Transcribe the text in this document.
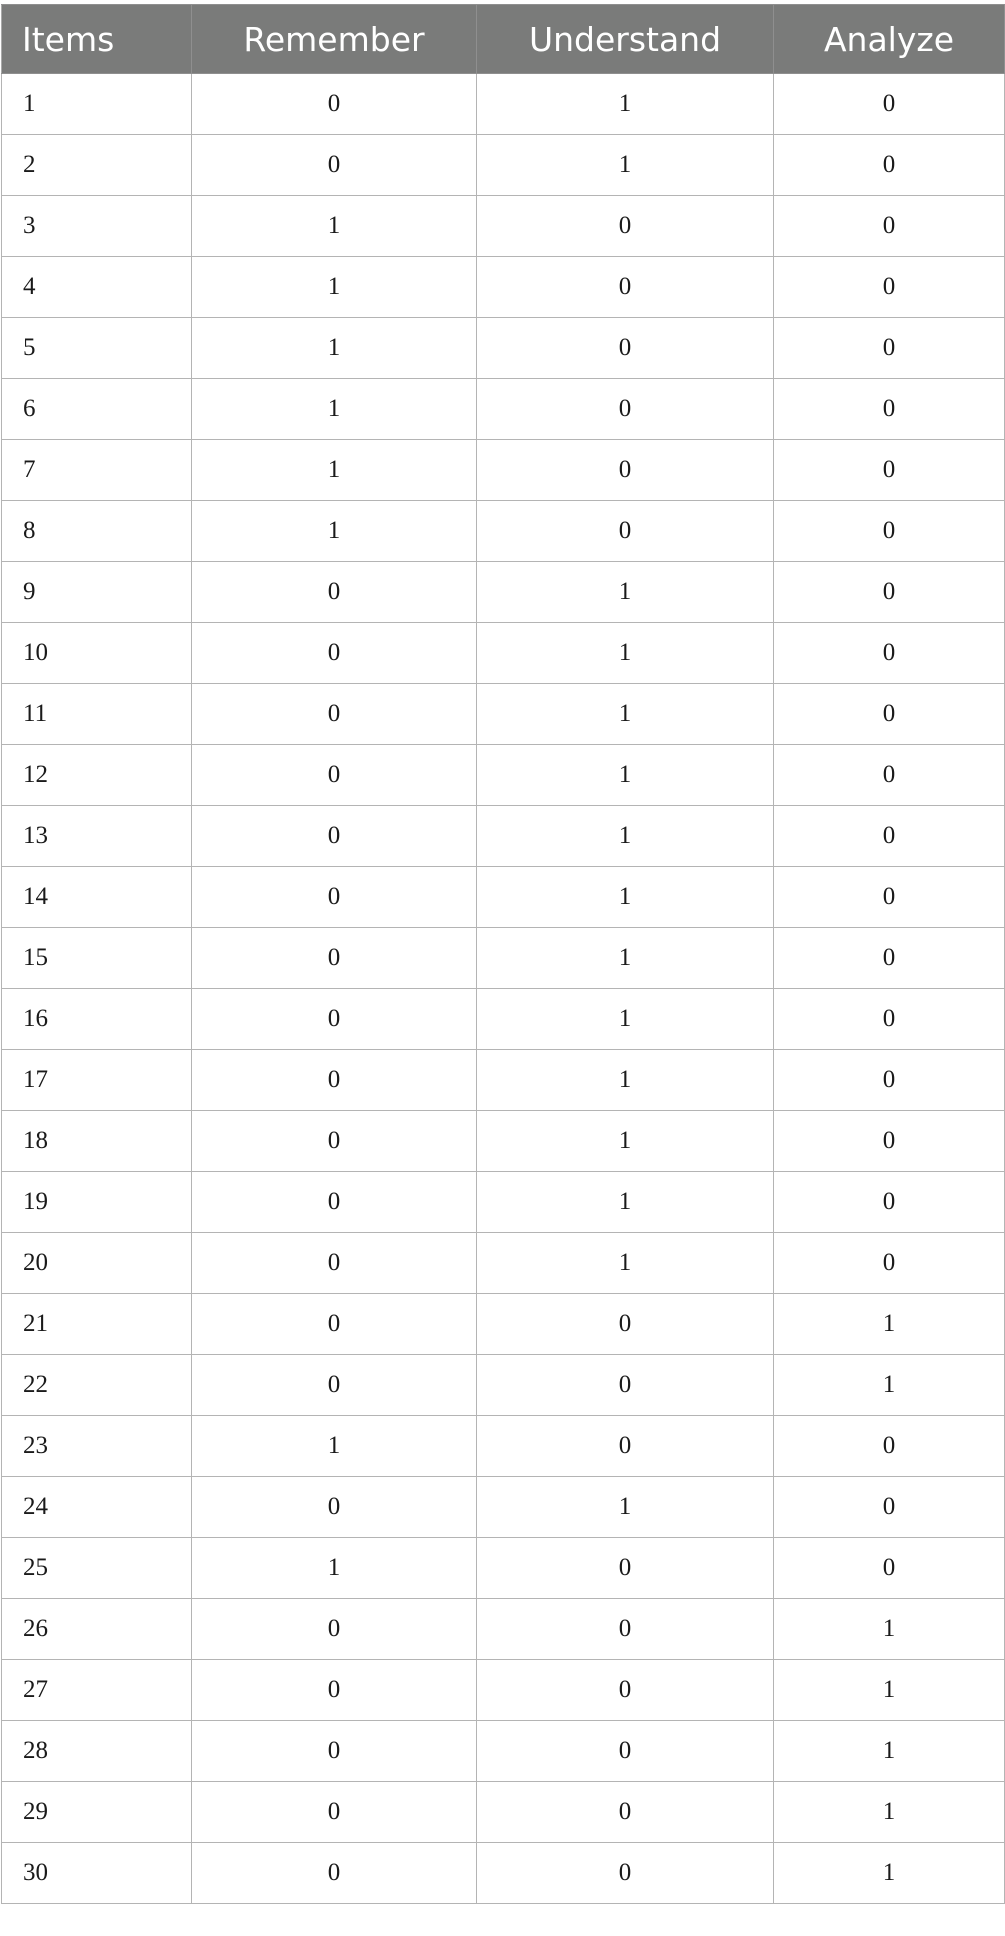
Items	Remember	Understand	Analyze
1	0	1	0
2	0	1	0
3	1	0	0
4	1	0	0
5	1	0	0
6	1	0	0
7	1	0	0
8	1	0	0
9	0	1	0
10	0	1	0
11	0	1	0
12	0	1	0
13	0	1	0
14	0	1	0
15	0	1	0
16	0	1	0
17	0	1	0
18	0	1	0
19	0	1	0
20	0	1	0
21	0	0	1
22	0	0	1
23	1	0	0
24	0	1	0
25	1	0	0
26	0	0	1
27	0	0	1
28	0	0	1
29	0	0	1
30	0	0	1
